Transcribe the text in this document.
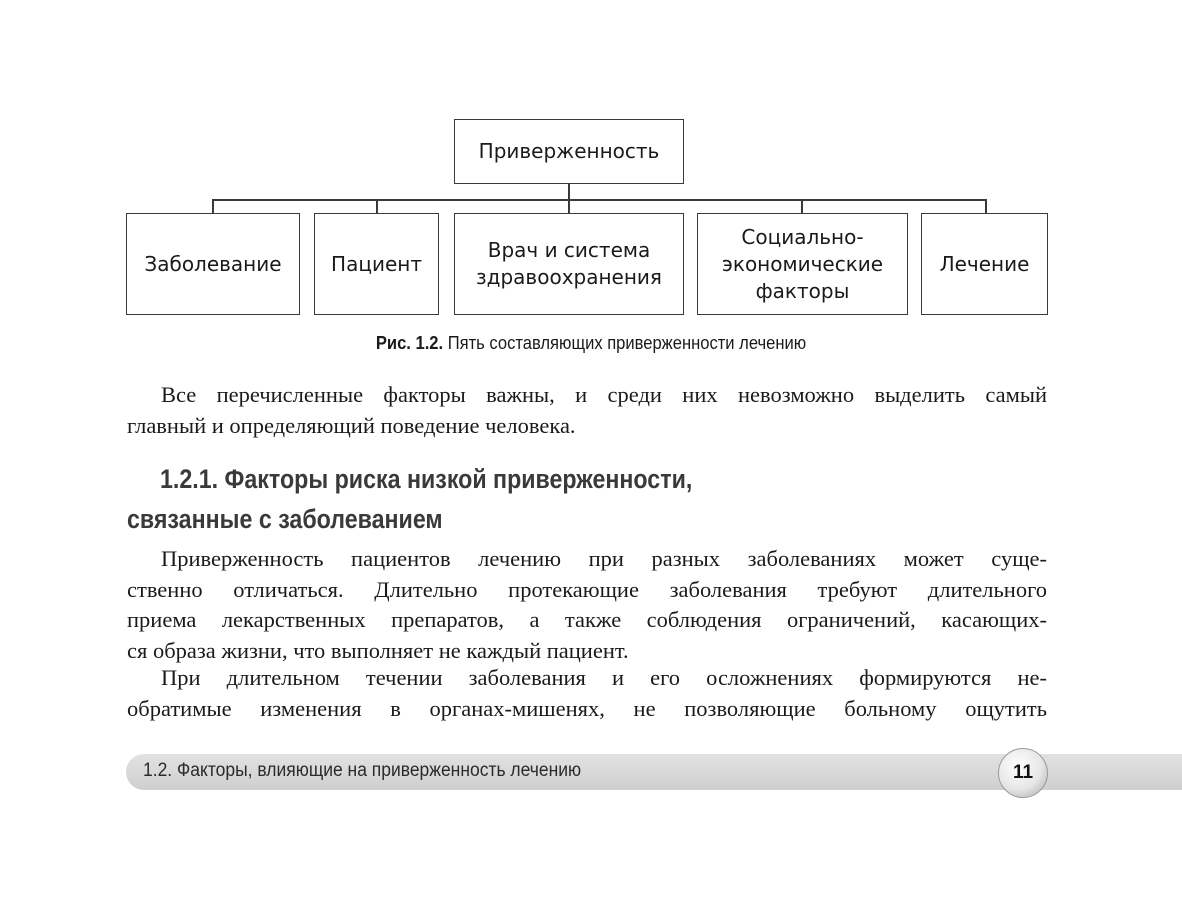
Приверженность
Заболевание	Пациент
Врач и система
здравоохранения
Социально-
экономические
факторы
Лечение
Рис. 1.2. Пять составляющих приверженности лечению
Все перечисленные факторы важны, и среди них невозможно выделить самый
главный и определяющий поведение человека.
1.2.1. Факторы риска низкой приверженности,
связанные с заболеванием
Приверженность пациентов лечению при разных заболеваниях может суще-
ственно отличаться. Длительно протекающие заболевания требуют длительного
приема лекарственных препаратов, а также соблюдения ограничений, касающих-
ся образа жизни, что выполняет не каждый пациент.
При длительном течении заболевания и его осложнениях формируются не-
обратимые изменения в органах-мишенях, не позволяющие больному ощутить
1.2. Факторы, влияющие на приверженность лечению	11
